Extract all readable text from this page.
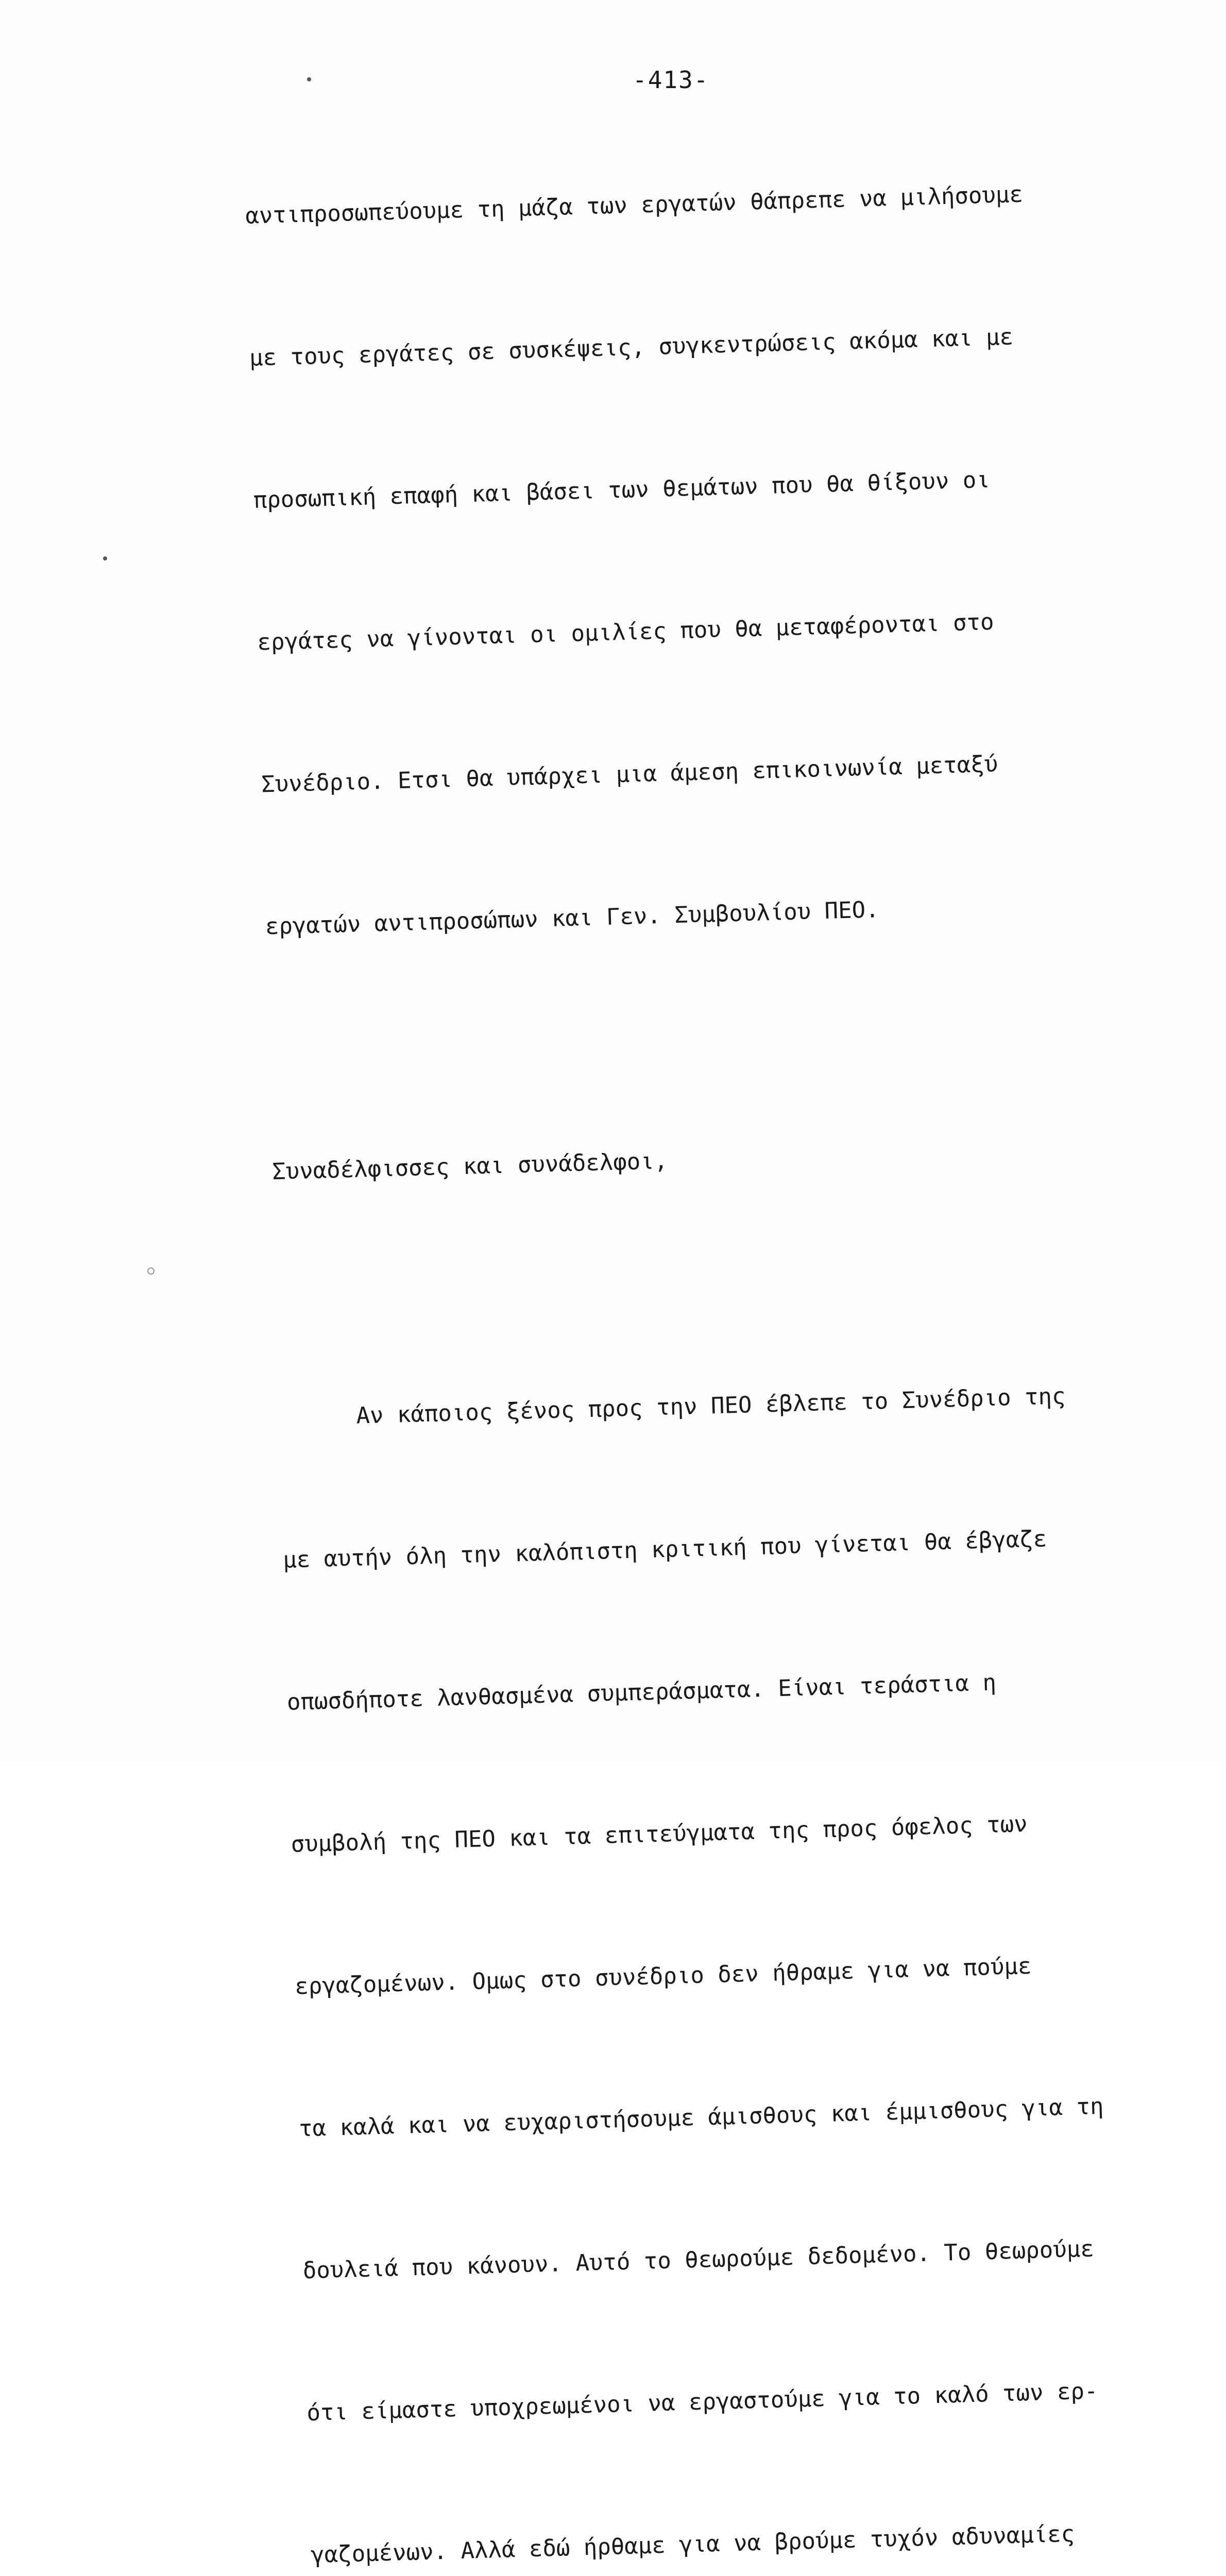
-413-

αντιπροσωπεύουμε τη μάζα των εργατών θάπρεπε να μιλήσουμε

με τους εργάτες σε συσκέψεις, συγκεντρώσεις ακόμα και με

προσωπική επαφή και βάσει των θεμάτων που θα θίξουν οι

εργάτες να γίνονται οι ομιλίες που θα μεταφέρονται στο

Συνέδριο. Ετσι θα υπάρχει μια άμεση επικοινωνία μεταξύ

εργατών αντιπροσώπων και Γεν. Συμβουλίου ΠΕΟ.

Συναδέλφισσες και συνάδελφοι,

Αν κάποιος ξένος προς την ΠΕΟ έβλεπε το Συνέδριο της

με αυτήν όλη την καλόπιστη κριτική που γίνεται θα έβγαζε

οπωσδήποτε λανθασμένα συμπεράσματα. Είναι τεράστια η

συμβολή της ΠΕΟ και τα επιτεύγματα της προς όφελος των

εργαζομένων. Ομως στο συνέδριο δεν ήθραμε για να πούμε

τα καλά και να ευχαριστήσουμε άμισθους και έμμισθους για τη

δουλειά που κάνουν. Αυτό το θεωρούμε δεδομένο. Το θεωρούμε

ότι είμαστε υποχρεωμένοι να εργαστούμε για το καλό των ερ-

γαζομένων. Αλλά εδώ ήρθαμε για να βρούμε τυχόν αδυναμίες
